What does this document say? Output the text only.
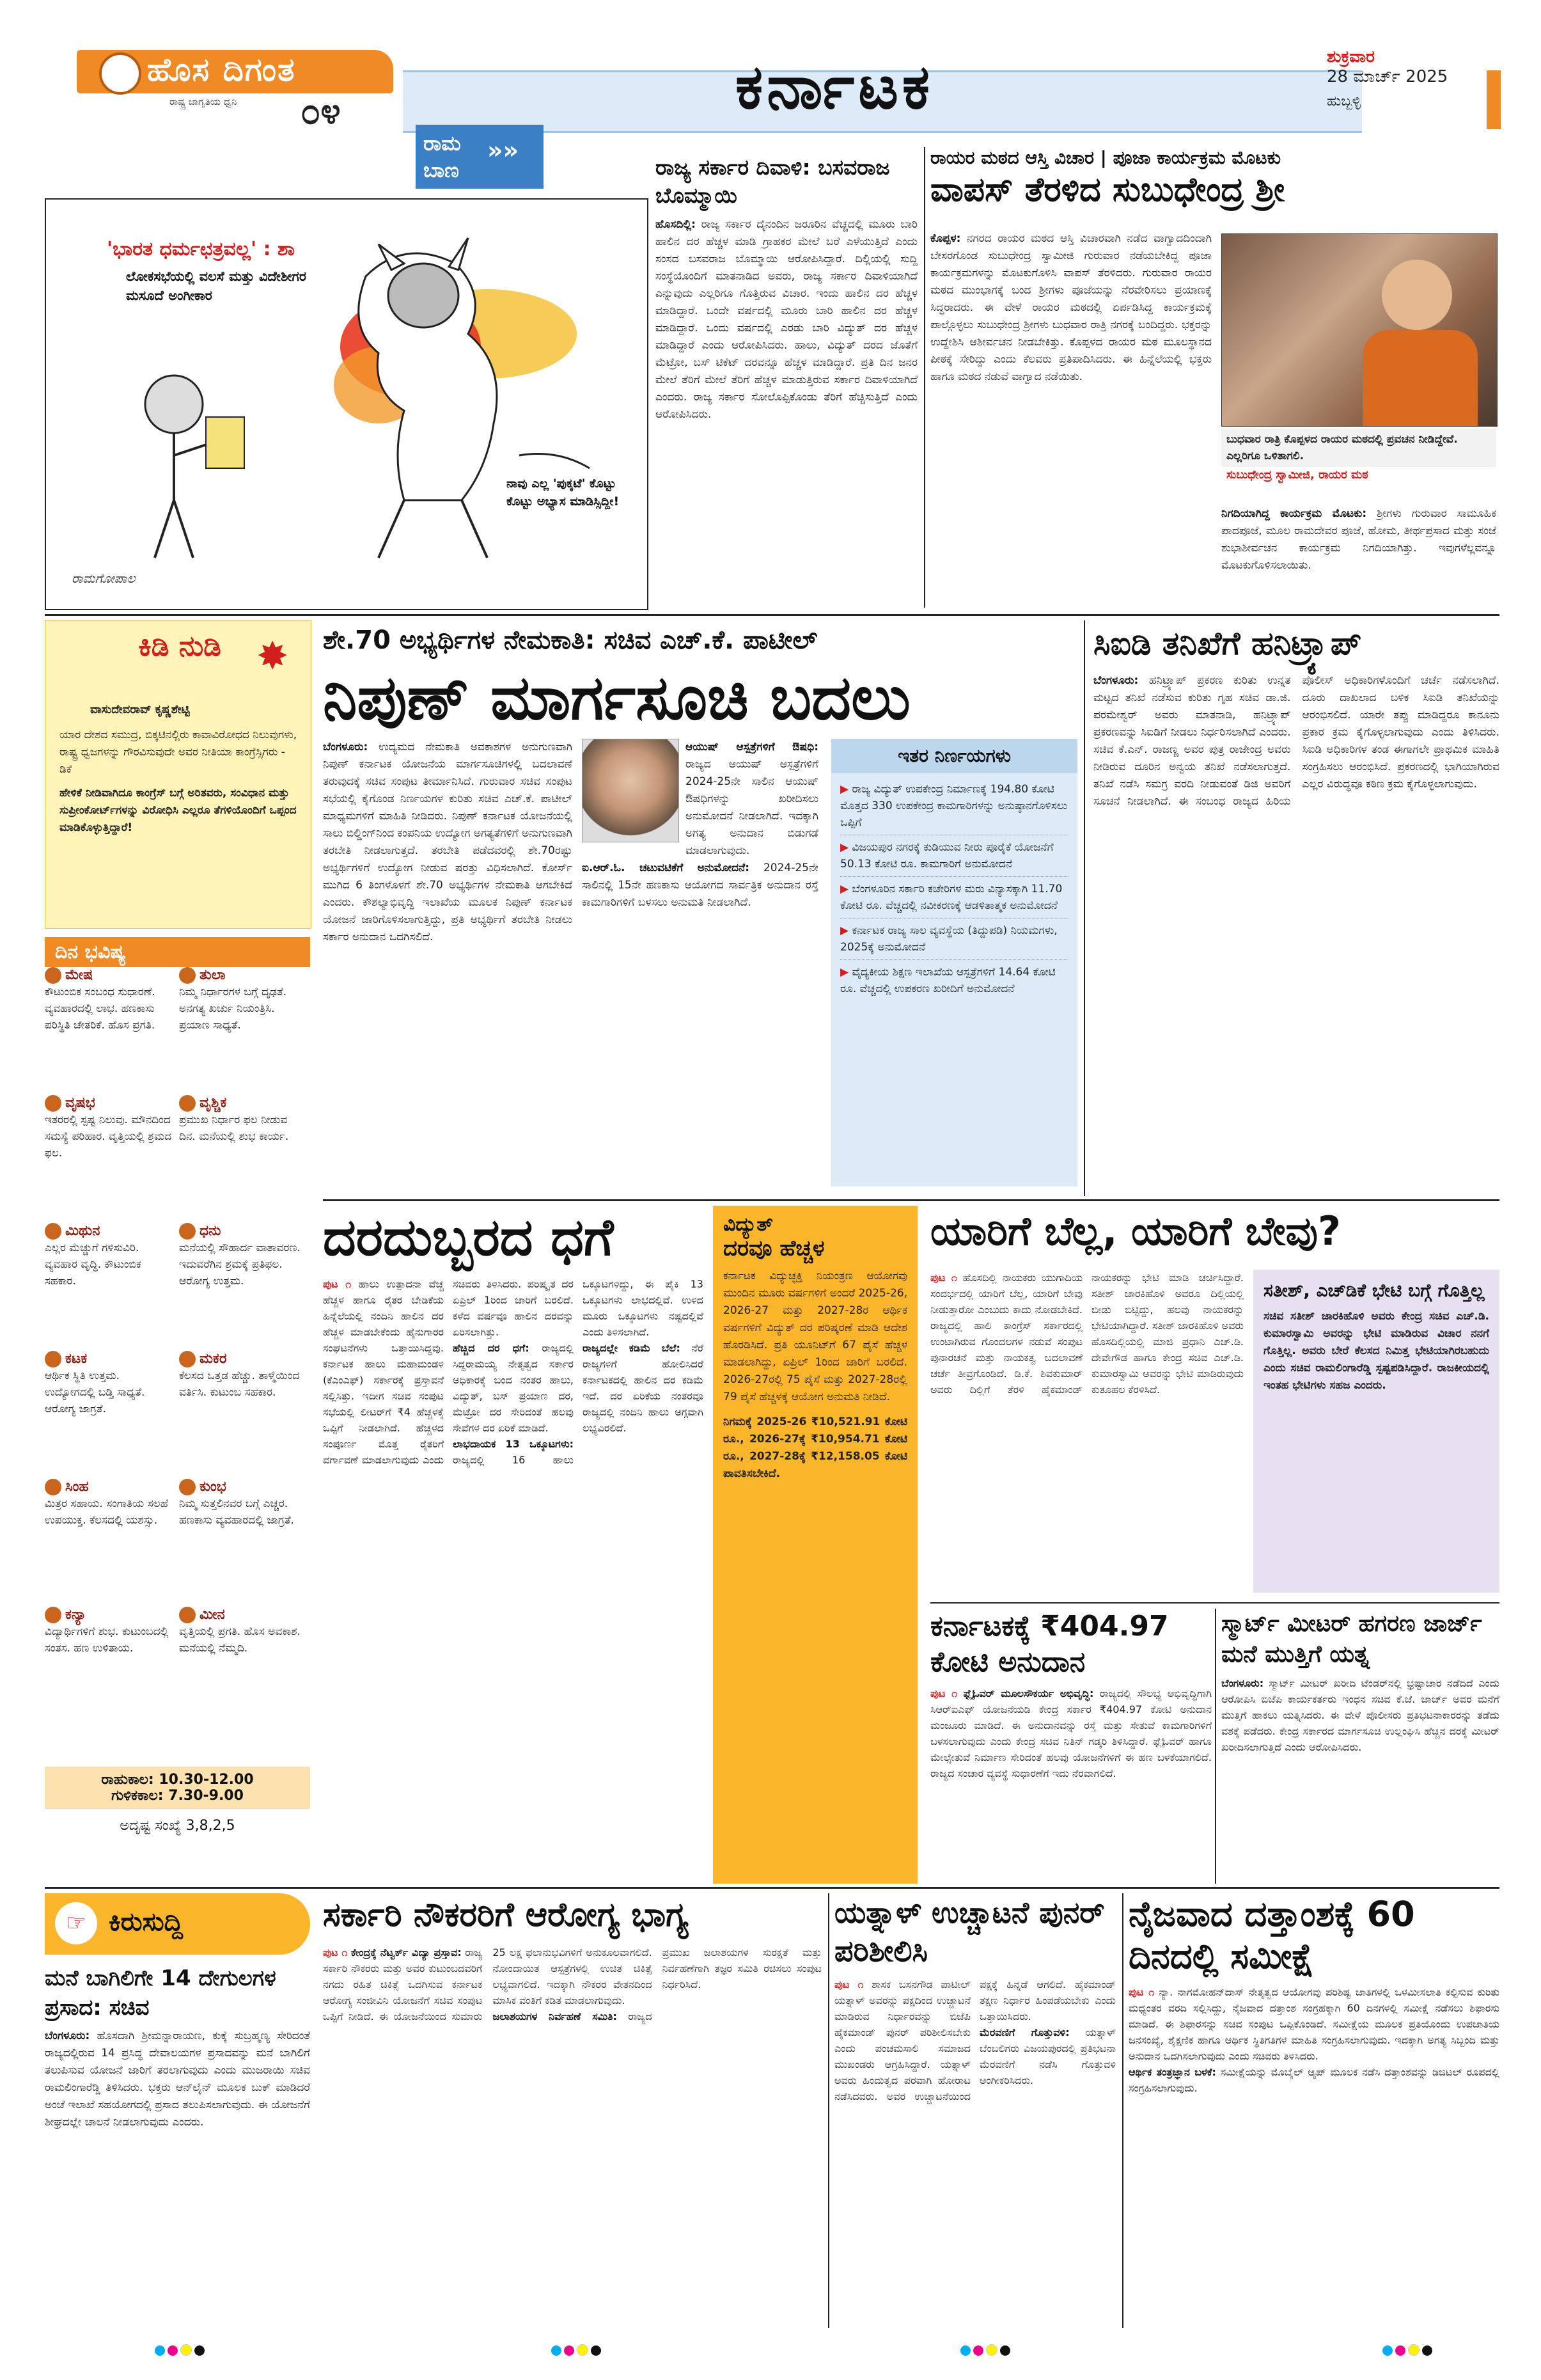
ಹೊಸ ದಿಗಂತ
ರಾಷ್ಟ್ರ ಜಾಗೃತಿಯ ಧ್ವನಿ ೦೪	ಕರ್ನಾಟಕ	ಶುಕ್ರವಾರ
28 ಮಾರ್ಚ್ 2025
ಹುಬ್ಬಳ್ಳಿ
ರಾಮ ಬಾಣ
»»
'ಭಾರತ ಧರ್ಮಛತ್ರವಲ್ಲ' : ಶಾ
ಲೋಕಸಭೆಯಲ್ಲಿ ವಲಸೆ ಮತ್ತು ವಿದೇಶೀಗರ ಮಸೂದೆ ಅಂಗೀಕಾರ
ನಾವು ಎಲ್ಲ 'ಪುಕ್ಕಟೆ' ಕೊಟ್ಟು ಕೊಟ್ಟು ಅಭ್ಯಾಸ ಮಾಡಿಸ್ಸಿದ್ದೀ!
ರಾಮಗೋಪಾಲ
ರಾಜ್ಯ ಸರ್ಕಾರ ದಿವಾಳಿ: ಬಸವರಾಜ ಬೊಮ್ಮಾಯಿ
ಹೊಸದಿಲ್ಲಿ: ರಾಜ್ಯ ಸರ್ಕಾರ ದೈನಂದಿನ ಜರೂರಿನ ವೆಚ್ಚದಲ್ಲಿ ಮೂರು ಬಾರಿ ಹಾಲಿನ ದರ ಹೆಚ್ಚಳ ಮಾಡಿ ಗ್ರಾಹಕರ ಮೇಲೆ ಬರೆ ಎಳೆಯುತ್ತಿದೆ ಎಂದು ಸಂಸದ ಬಸವರಾಜ ಬೊಮ್ಮಾಯಿ ಆರೋಪಿಸಿದ್ದಾರೆ. ದಿಲ್ಲಿಯಲ್ಲಿ ಸುದ್ದಿ ಸಂಸ್ಥೆಯೊಂದಿಗೆ ಮಾತನಾಡಿದ ಅವರು, ರಾಜ್ಯ ಸರ್ಕಾರ ದಿವಾಳಿಯಾಗಿದೆ ಎನ್ನುವುದು ಎಲ್ಲರಿಗೂ ಗೊತ್ತಿರುವ ವಿಚಾರ. ಇಂದು ಹಾಲಿನ ದರ ಹೆಚ್ಚಳ ಮಾಡಿದ್ದಾರೆ. ಒಂದೇ ವರ್ಷದಲ್ಲಿ ಮೂರು ಬಾರಿ ಹಾಲಿನ ದರ ಹೆಚ್ಚಳ ಮಾಡಿದ್ದಾರೆ. ಒಂದು ವರ್ಷದಲ್ಲಿ ಎರಡು ಬಾರಿ ವಿದ್ಯುತ್ ದರ ಹೆಚ್ಚಳ ಮಾಡಿದ್ದಾರೆ ಎಂದು ಆರೋಪಿಸಿದರು. ಹಾಲು, ವಿದ್ಯುತ್ ದರದ ಜೊತೆಗೆ ಮೆಟ್ರೋ, ಬಸ್ ಟಿಕೆಟ್ ದರವನ್ನೂ ಹೆಚ್ಚಳ ಮಾಡಿದ್ದಾರೆ. ಪ್ರತಿ ದಿನ ಜನರ ಮೇಲೆ ತೆರಿಗೆ ಮೇಲೆ ತೆರಿಗೆ ಹೆಚ್ಚಳ ಮಾಡುತ್ತಿರುವ ಸರ್ಕಾರ ದಿವಾಳಿಯಾಗಿದೆ ಎಂದರು. ರಾಜ್ಯ ಸರ್ಕಾರ ಸೋಲೊಪ್ಪಿಕೊಂಡು ತೆರಿಗೆ ಹೆಚ್ಚಿಸುತ್ತಿದೆ ಎಂದು ಆರೋಪಿಸಿದರು.
ರಾಯರ ಮಠದ ಆಸ್ತಿ ವಿಚಾರ | ಪೂಜಾ ಕಾರ್ಯಕ್ರಮ ಮೊಟಕು
ವಾಪಸ್ ತೆರಳಿದ ಸುಬುಧೇಂದ್ರ ಶ್ರೀ
ಕೊಪ್ಪಳ: ನಗರದ ರಾಯರ ಮಠದ ಆಸ್ತಿ ವಿಚಾರವಾಗಿ ನಡೆದ ವಾಗ್ವಾದದಿಂದಾಗಿ ಬೇಸರಗೊಂಡ ಸುಬುಧೇಂದ್ರ ಸ್ವಾಮೀಜಿ ಗುರುವಾರ ನಡೆಯಬೇಕಿದ್ದ ಪೂಜಾ ಕಾರ್ಯಕ್ರಮಗಳನ್ನು ಮೊಟಕುಗೊಳಿಸಿ ವಾಪಸ್ ತೆರಳಿದರು. ಗುರುವಾರ ರಾಯರ ಮಠದ ಮುಂಭಾಗಕ್ಕೆ ಬಂದ ಶ್ರೀಗಳು ಪೂಜೆಯನ್ನು ನೆರವೇರಿಸಲು ಪ್ರಯಾಣಕ್ಕೆ ಸಿದ್ಧರಾದರು. ಈ ವೇಳೆ ರಾಯರ ಮಠದಲ್ಲಿ ಏರ್ಪಡಿಸಿದ್ದ ಕಾರ್ಯಕ್ರಮಕ್ಕೆ ಪಾಲ್ಗೊಳ್ಳಲು ಸುಬುಧೇಂದ್ರ ಶ್ರೀಗಳು ಬುಧವಾರ ರಾತ್ರಿ ನಗರಕ್ಕೆ ಬಂದಿದ್ದರು. ಭಕ್ತರನ್ನು ಉದ್ದೇಶಿಸಿ ಆಶೀರ್ವಚನ ನೀಡಬೇಕಿತ್ತು. ಕೊಪ್ಪಳದ ರಾಯರ ಮಠ ಮೂಲಸ್ಥಾನದ ಪೀಠಕ್ಕೆ ಸೇರಿದ್ದು ಎಂದು ಕೆಲವರು ಪ್ರತಿಪಾದಿಸಿದರು. ಈ ಹಿನ್ನೆಲೆಯಲ್ಲಿ ಭಕ್ತರು ಹಾಗೂ ಮಠದ ನಡುವೆ ವಾಗ್ವಾದ ನಡೆಯಿತು.
ಬುಧವಾರ ರಾತ್ರಿ ಕೊಪ್ಪಳದ ರಾಯರ ಮಠದಲ್ಲಿ ಪ್ರವಚನ ನೀಡಿದ್ದೇವೆ. ಎಲ್ಲರಿಗೂ ಒಳಿತಾಗಲಿ.
ಸುಬುಧೇಂದ್ರ ಸ್ವಾಮೀಜಿ, ರಾಯರ ಮಠ
ನಿಗದಿಯಾಗಿದ್ದ ಕಾರ್ಯಕ್ರಮ ಮೊಟಕು: ಶ್ರೀಗಳು ಗುರುವಾರ ಸಾಮೂಹಿಕ ಪಾದಪೂಜೆ, ಮೂಲ ರಾಮದೇವರ ಪೂಜೆ, ಹೋಮ, ತೀರ್ಥಪ್ರಸಾದ ಮತ್ತು ಸಂಜೆ ಶುಭಾಶೀರ್ವಚನ ಕಾರ್ಯಕ್ರಮ ನಿಗದಿಯಾಗಿತ್ತು. ಇವುಗಳೆಲ್ಲವನ್ನೂ ಮೊಟಕುಗೊಳಿಸಲಾಯಿತು.
ಕಿಡಿ ನುಡಿ ✸
ವಾಸುದೇವರಾವ್ ಕೃಷ್ಣಶೇಟ್ಟಿ
ಯಾರ ದೇಶದ ಸಮುದ್ರ, ಬಿಕ್ಕಟಿನಲ್ಲಿರು ಕಾವಾವಿರೋಧದ ನಿಲುವುಗಳು, ರಾಷ್ಟ್ರ ಧ್ವಜಗಳನ್ನು ಗೌರವಿಸುವುದೇ ಅವರ ನೀತಿಯಾ ಕಾಂಗ್ರೆಸ್ಸಿಗರು - ಡಿಕೆ
ಹೇಳಿಕೆ ನೀಡಿವಾಗಿದೂ ಕಾಂಗ್ರೆಸ್ ಬಗ್ಗೆ ಅರಿತವರು, ಸಂವಿಧಾನ ಮತ್ತು ಸುಪ್ರೀಂಕೋರ್ಟ್‌ಗಳನ್ನು ವಿರೋಧಿಸಿ ಎಲ್ಲರೂ ತೆಗಳಿಯೊಂದಿಗೆ ಒಪ್ಪಂದ ಮಾಡಿಕೊಳ್ಳುತ್ತಿದ್ದಾರೆ!
ದಿನ ಭವಿಷ್ಯ
ಮೇಷ
ಕೌಟುಂಬಿಕ ಸಂಬಂಧ ಸುಧಾರಣೆ. ವ್ಯವಹಾರದಲ್ಲಿ ಲಾಭ. ಹಣಕಾಸು ಪರಿಸ್ಥಿತಿ ಚೇತರಿಕೆ. ಹೊಸ ಪ್ರಗತಿ.
ವೃಷಭ
ಇತರರಲ್ಲಿ ಸ್ಪಷ್ಟ ನಿಲುವು. ಮೌನದಿಂದ ಸಮಸ್ಯೆ ಪರಿಹಾರ. ವೃತ್ತಿಯಲ್ಲಿ ಶ್ರಮದ ಫಲ.
ಮಿಥುನ
ಎಲ್ಲರ ಮೆಚ್ಚುಗೆ ಗಳಿಸುವಿರಿ. ವ್ಯವಹಾರ ವೃದ್ಧಿ. ಕೌಟುಂಬಿಕ ಸಹಕಾರ.
ಕಟಕ
ಆರ್ಥಿಕ ಸ್ಥಿತಿ ಉತ್ತಮ. ಉದ್ಯೋಗದಲ್ಲಿ ಬಡ್ತಿ ಸಾಧ್ಯತೆ. ಆರೋಗ್ಯ ಜಾಗ್ರತೆ.
ಸಿಂಹ
ಮಿತ್ರರ ಸಹಾಯ. ಸಂಗಾತಿಯ ಸಲಹೆ ಉಪಯುಕ್ತ. ಕೆಲಸದಲ್ಲಿ ಯಶಸ್ಸು.
ಕನ್ಯಾ
ವಿದ್ಯಾರ್ಥಿಗಳಿಗೆ ಶುಭ. ಕುಟುಂಬದಲ್ಲಿ ಸಂತಸ. ಹಣ ಉಳಿತಾಯ.
ತುಲಾ
ನಿಮ್ಮ ನಿರ್ಧಾರಗಳ ಬಗ್ಗೆ ದೃಢತೆ. ಅನಗತ್ಯ ಖರ್ಚು ನಿಯಂತ್ರಿಸಿ. ಪ್ರಯಾಣ ಸಾಧ್ಯತೆ.
ವೃಶ್ಚಿಕ
ಪ್ರಮುಖ ನಿರ್ಧಾರ ಫಲ ನೀಡುವ ದಿನ. ಮನೆಯಲ್ಲಿ ಶುಭ ಕಾರ್ಯ.
ಧನು
ಮನೆಯಲ್ಲಿ ಸೌಹಾರ್ದ ವಾತಾವರಣ. ಇದುವರೆಗಿನ ಶ್ರಮಕ್ಕೆ ಪ್ರತಿಫಲ. ಆರೋಗ್ಯ ಉತ್ತಮ.
ಮಕರ
ಕೆಲಸದ ಒತ್ತಡ ಹೆಚ್ಚು. ತಾಳ್ಮೆಯಿಂದ ವರ್ತಿಸಿ. ಕುಟುಂಬ ಸಹಕಾರ.
ಕುಂಭ
ನಿಮ್ಮ ಸುತ್ತಲಿನವರ ಬಗ್ಗೆ ಎಚ್ಚರ. ಹಣಕಾಸು ವ್ಯವಹಾರದಲ್ಲಿ ಜಾಗ್ರತೆ.
ಮೀನ
ವೃತ್ತಿಯಲ್ಲಿ ಪ್ರಗತಿ. ಹೊಸ ಅವಕಾಶ. ಮನೆಯಲ್ಲಿ ನೆಮ್ಮದಿ.
ರಾಹುಕಾಲ: 10.30-12.00
ಗುಳಿಕಕಾಲ: 7.30-9.00
ಅದೃಷ್ಟ ಸಂಖ್ಯೆ 3,8,2,5
ಶೇ.70 ಅಭ್ಯರ್ಥಿಗಳ ನೇಮಕಾತಿ: ಸಚಿವ ಎಚ್.ಕೆ. ಪಾಟೀಲ್
ನಿಪುಣ್ ಮಾರ್ಗಸೂಚಿ ಬದಲು
ಬೆಂಗಳೂರು: ಉದ್ಯಮದ ನೇಮಕಾತಿ ಅವಕಾಶಗಳ ಅನುಗುಣವಾಗಿ ನಿಪುಣ್ ಕರ್ನಾಟಕ ಯೋಜನೆಯ ಮಾರ್ಗಸೂಚಿಗಳಲ್ಲಿ ಬದಲಾವಣೆ ತರುವುದಕ್ಕೆ ಸಚಿವ ಸಂಪುಟ ತೀರ್ಮಾನಿಸಿದೆ. ಗುರುವಾರ ಸಚಿವ ಸಂಪುಟ ಸಭೆಯಲ್ಲಿ ಕೈಗೊಂಡ ನಿರ್ಣಯಗಳ ಕುರಿತು ಸಚಿವ ಎಚ್.ಕೆ. ಪಾಟೀಲ್ ಮಾಧ್ಯಮಗಳಿಗೆ ಮಾಹಿತಿ ನೀಡಿದರು. ನಿಪುಣ್ ಕರ್ನಾಟಕ ಯೋಜನೆಯಲ್ಲಿ ಸಾಲು ಬಿಲ್ಡಿಂಗ್‌ನಿಂದ ಕಂಪನಿಯ ಉದ್ಯೋಗ ಅಗತ್ಯತೆಗಳಿಗೆ ಅನುಗುಣವಾಗಿ ತರಬೇತಿ ನೀಡಲಾಗುತ್ತದೆ. ತರಬೇತಿ ಪಡೆದವರಲ್ಲಿ ಶೇ.70ರಷ್ಟು ಅಭ್ಯರ್ಥಿಗಳಿಗೆ ಉದ್ಯೋಗ ನೀಡುವ ಷರತ್ತು ವಿಧಿಸಲಾಗಿದೆ. ಕೋರ್ಸ್ ಮುಗಿದ 6 ತಿಂಗಳೊಳಗೆ ಶೇ.70 ಅಭ್ಯರ್ಥಿಗಳ ನೇಮಕಾತಿ ಆಗಬೇಕಿದೆ ಎಂದರು. ಕೌಶಲ್ಯಾಭಿವೃದ್ಧಿ ಇಲಾಖೆಯ ಮೂಲಕ ನಿಪುಣ್ ಕರ್ನಾಟಕ ಯೋಜನೆ ಜಾರಿಗೊಳಿಸಲಾಗುತ್ತಿದ್ದು, ಪ್ರತಿ ಅಭ್ಯರ್ಥಿಗೆ ತರಬೇತಿ ನೀಡಲು ಸರ್ಕಾರ ಅನುದಾನ ಒದಗಿಸಲಿದೆ.
ಆಯುಷ್ ಆಸ್ಪತ್ರೆಗಳಿಗೆ ಔಷಧಿ: ರಾಜ್ಯದ ಆಯುಷ್ ಆಸ್ಪತ್ರೆಗಳಿಗೆ 2024-25ನೇ ಸಾಲಿನ ಆಯುಷ್ ಔಷಧಿಗಳನ್ನು ಖರೀದಿಸಲು ಅನುಮೋದನೆ ನೀಡಲಾಗಿದೆ. ಇದಕ್ಕಾಗಿ ಅಗತ್ಯ ಅನುದಾನ ಬಿಡುಗಡೆ ಮಾಡಲಾಗುವುದು.
ಐ.ಆರ್.ಓ. ಚಟುವಟಿಕೆಗೆ ಅನುಮೋದನೆ: 2024-25ನೇ ಸಾಲಿನಲ್ಲಿ 15ನೇ ಹಣಕಾಸು ಆಯೋಗದ ಸಾರ್ವತ್ರಿಕ ಅನುದಾನ ರಸ್ತೆ ಕಾಮಗಾರಿಗಳಿಗೆ ಬಳಸಲು ಅನುಮತಿ ನೀಡಲಾಗಿದೆ.
ಇತರ ನಿರ್ಣಯಗಳು
▶ ರಾಜ್ಯ ವಿದ್ಯುತ್ ಉಪಕೇಂದ್ರ ನಿರ್ಮಾಣಕ್ಕೆ 194.80 ಕೋಟಿ ಮೊತ್ತದ 330 ಉಪಕೇಂದ್ರ ಕಾಮಗಾರಿಗಳನ್ನು ಅನುಷ್ಠಾನಗೊಳಿಸಲು ಒಪ್ಪಿಗೆ
▶ ವಿಜಯಪುರ ನಗರಕ್ಕೆ ಕುಡಿಯುವ ನೀರು ಪೂರೈಕೆ ಯೋಜನೆಗೆ 50.13 ಕೋಟಿ ರೂ. ಕಾಮಗಾರಿಗೆ ಅನುಮೋದನೆ
▶ ಬೆಂಗಳೂರಿನ ಸರ್ಕಾರಿ ಕಚೇರಿಗಳ ಮರು ವಿನ್ಯಾಸಕ್ಕಾಗಿ 11.70 ಕೋಟಿ ರೂ. ವೆಚ್ಚದಲ್ಲಿ ನವೀಕರಣಕ್ಕೆ ಆಡಳಿತಾತ್ಮಕ ಅನುಮೋದನೆ
▶ ಕರ್ನಾಟಕ ರಾಜ್ಯ ಸಾಲ ವ್ಯವಸ್ಥೆಯ (ತಿದ್ದುಪಡಿ) ನಿಯಮಗಳು, 2025ಕ್ಕೆ ಅನುಮೋದನೆ
▶ ವೈದ್ಯಕೀಯ ಶಿಕ್ಷಣ ಇಲಾಖೆಯ ಆಸ್ಪತ್ರೆಗಳಿಗೆ 14.64 ಕೋಟಿ ರೂ. ವೆಚ್ಚದಲ್ಲಿ ಉಪಕರಣ ಖರೀದಿಗೆ ಅನುಮೋದನೆ
ಸಿಐಡಿ ತನಿಖೆಗೆ ಹನಿಟ್ರ್ಯಾಪ್
ಬೆಂಗಳೂರು: ಹನಿಟ್ರ್ಯಾಪ್ ಪ್ರಕರಣ ಕುರಿತು ಉನ್ನತ ಮಟ್ಟದ ತನಿಖೆ ನಡೆಸುವ ಕುರಿತು ಗೃಹ ಸಚಿವ ಡಾ.ಜಿ. ಪರಮೇಶ್ವರ್ ಅವರು ಮಾತನಾಡಿ, ಹನಿಟ್ರ್ಯಾಪ್ ಪ್ರಕರಣವನ್ನು ಸಿಐಡಿಗೆ ನೀಡಲು ನಿರ್ಧರಿಸಲಾಗಿದೆ ಎಂದರು. ಸಚಿವ ಕೆ.ಎನ್. ರಾಜಣ್ಣ ಅವರ ಪುತ್ರ ರಾಜೇಂದ್ರ ಅವರು ನೀಡಿರುವ ದೂರಿನ ಅನ್ವಯ ತನಿಖೆ ನಡೆಸಲಾಗುತ್ತದೆ. ತನಿಖೆ ನಡೆಸಿ ಸಮಗ್ರ ವರದಿ ನೀಡುವಂತೆ ಡಿಜಿ ಅವರಿಗೆ ಸೂಚನೆ ನೀಡಲಾಗಿದೆ. ಈ ಸಂಬಂಧ ರಾಜ್ಯದ ಹಿರಿಯ ಪೊಲೀಸ್ ಅಧಿಕಾರಿಗಳೊಂದಿಗೆ ಚರ್ಚೆ ನಡೆಸಲಾಗಿದೆ. ದೂರು ದಾಖಲಾದ ಬಳಿಕ ಸಿಐಡಿ ತನಿಖೆಯನ್ನು ಆರಂಭಿಸಲಿದೆ. ಯಾರೇ ತಪ್ಪು ಮಾಡಿದ್ದರೂ ಕಾನೂನು ಪ್ರಕಾರ ಕ್ರಮ ಕೈಗೊಳ್ಳಲಾಗುವುದು ಎಂದು ತಿಳಿಸಿದರು. ಸಿಐಡಿ ಅಧಿಕಾರಿಗಳ ತಂಡ ಈಗಾಗಲೇ ಪ್ರಾಥಮಿಕ ಮಾಹಿತಿ ಸಂಗ್ರಹಿಸಲು ಆರಂಭಿಸಿದೆ. ಪ್ರಕರಣದಲ್ಲಿ ಭಾಗಿಯಾಗಿರುವ ಎಲ್ಲರ ವಿರುದ್ಧವೂ ಕಠಿಣ ಕ್ರಮ ಕೈಗೊಳ್ಳಲಾಗುವುದು.
ದರದುಬ್ಬರದ ಧಗೆ
ಪುಟ ೧ ಹಾಲು ಉತ್ಪಾದನಾ ವೆಚ್ಚ ಹೆಚ್ಚಳ ಹಾಗೂ ರೈತರ ಬೇಡಿಕೆಯ ಹಿನ್ನೆಲೆಯಲ್ಲಿ ನಂದಿನಿ ಹಾಲಿನ ದರ ಹೆಚ್ಚಳ ಮಾಡಬೇಕೆಂದು ಹೈನುಗಾರರ ಸಂಘಟನೆಗಳು ಒತ್ತಾಯಿಸಿದ್ದವು. ಕರ್ನಾಟಕ ಹಾಲು ಮಹಾಮಂಡಳಿ (ಕೆಎಂಎಫ್) ಸರ್ಕಾರಕ್ಕೆ ಪ್ರಸ್ತಾವನೆ ಸಲ್ಲಿಸಿತ್ತು. ಇದೀಗ ಸಚಿವ ಸಂಪುಟ ಸಭೆಯಲ್ಲಿ ಲೀಟರ್‌ಗೆ ₹4 ಹೆಚ್ಚಳಕ್ಕೆ ಒಪ್ಪಿಗೆ ನೀಡಲಾಗಿದೆ. ಹೆಚ್ಚಳದ ಸಂಪೂರ್ಣ ಮೊತ್ತ ರೈತರಿಗೆ ವರ್ಗಾವಣೆ ಮಾಡಲಾಗುವುದು ಎಂದು ಸಚಿವರು ತಿಳಿಸಿದರು. ಪರಿಷ್ಕೃತ ದರ ಏಪ್ರಿಲ್ 1ರಿಂದ ಜಾರಿಗೆ ಬರಲಿದೆ. ಕಳೆದ ವರ್ಷವೂ ಹಾಲಿನ ದರವನ್ನು ಏರಿಸಲಾಗಿತ್ತು.
ಹೆಚ್ಚಿದ ದರ ಧಗೆ: ರಾಜ್ಯದಲ್ಲಿ ಸಿದ್ದರಾಮಯ್ಯ ನೇತೃತ್ವದ ಸರ್ಕಾರ ಅಧಿಕಾರಕ್ಕೆ ಬಂದ ನಂತರ ಹಾಲು, ವಿದ್ಯುತ್, ಬಸ್ ಪ್ರಯಾಣ ದರ, ಮೆಟ್ರೋ ದರ ಸೇರಿದಂತೆ ಹಲವು ಸೇವೆಗಳ ದರ ಏರಿಕೆ ಮಾಡಿದೆ.
ಲಾಭದಾಯಕ 13 ಒಕ್ಕೂಟಗಳು: ರಾಜ್ಯದಲ್ಲಿ 16 ಹಾಲು ಒಕ್ಕೂಟಗಳಿದ್ದು, ಈ ಪೈಕಿ 13 ಒಕ್ಕೂಟಗಳು ಲಾಭದಲ್ಲಿವೆ. ಉಳಿದ ಮೂರು ಒಕ್ಕೂಟಗಳು ನಷ್ಟದಲ್ಲಿವೆ ಎಂದು ತಿಳಿಸಲಾಗಿದೆ.
ರಾಜ್ಯದಲ್ಲೇ ಕಡಿಮೆ ಬೆಲೆ: ನೆರೆ ರಾಜ್ಯಗಳಿಗೆ ಹೋಲಿಸಿದರೆ ಕರ್ನಾಟಕದಲ್ಲಿ ಹಾಲಿನ ದರ ಕಡಿಮೆ ಇದೆ. ದರ ಏರಿಕೆಯ ನಂತರವೂ ರಾಜ್ಯದಲ್ಲಿ ನಂದಿನಿ ಹಾಲು ಅಗ್ಗವಾಗಿ ಲಭ್ಯವಿರಲಿದೆ.
ವಿದ್ಯುತ್
ದರವೂ ಹೆಚ್ಚಳ
ಕರ್ನಾಟಕ ವಿದ್ಯುಚ್ಛಕ್ತಿ ನಿಯಂತ್ರಣ ಆಯೋಗವು ಮುಂದಿನ ಮೂರು ವರ್ಷಗಳಿಗೆ ಅಂದರೆ 2025-26, 2026-27 ಮತ್ತು 2027-28ರ ಆರ್ಥಿಕ ವರ್ಷಗಳಿಗೆ ವಿದ್ಯುತ್ ದರ ಪರಿಷ್ಕರಣೆ ಮಾಡಿ ಆದೇಶ ಹೊರಡಿಸಿದೆ. ಪ್ರತಿ ಯೂನಿಟ್‌ಗೆ 67 ಪೈಸೆ ಹೆಚ್ಚಳ ಮಾಡಲಾಗಿದ್ದು, ಏಪ್ರಿಲ್ 1ರಿಂದ ಜಾರಿಗೆ ಬರಲಿದೆ. 2026-27ರಲ್ಲಿ 75 ಪೈಸೆ ಮತ್ತು 2027-28ರಲ್ಲಿ 79 ಪೈಸೆ ಹೆಚ್ಚಳಕ್ಕೆ ಆಯೋಗ ಅನುಮತಿ ನೀಡಿದೆ.
ನಿಗಮಕ್ಕೆ 2025-26 ₹10,521.91 ಕೋಟಿ ರೂ., 2026-27ಕ್ಕೆ ₹10,954.71 ಕೋಟಿ ರೂ., 2027-28ಕ್ಕೆ ₹12,158.05 ಕೋಟಿ ಪಾವತಿಸಬೇಕಿದೆ.
ಯಾರಿಗೆ ಬೆಲ್ಲ, ಯಾರಿಗೆ ಬೇವು?
ಪುಟ ೧ ಹೊಸದಿಲ್ಲಿ ನಾಯಕರು ಯುಗಾದಿಯ ಸಂದರ್ಭದಲ್ಲಿ ಯಾರಿಗೆ ಬೆಲ್ಲ, ಯಾರಿಗೆ ಬೇವು ನೀಡುತ್ತಾರೋ ಎಂಬುದು ಕಾದು ನೋಡಬೇಕಿದೆ. ರಾಜ್ಯದಲ್ಲಿ ಹಾಲಿ ಕಾಂಗ್ರೆಸ್ ಸರ್ಕಾರದಲ್ಲಿ ಉಂಟಾಗಿರುವ ಗೊಂದಲಗಳ ನಡುವೆ ಸಂಪುಟ ಪುನಾರಚನೆ ಮತ್ತು ನಾಯಕತ್ವ ಬದಲಾವಣೆ ಚರ್ಚೆ ತೀವ್ರಗೊಂಡಿದೆ. ಡಿ.ಕೆ. ಶಿವಕುಮಾರ್ ಅವರು ದಿಲ್ಲಿಗೆ ತೆರಳಿ ಹೈಕಮಾಂಡ್ ನಾಯಕರನ್ನು ಭೇಟಿ ಮಾಡಿ ಚರ್ಚಿಸಿದ್ದಾರೆ. ಸತೀಶ್ ಜಾರಕಿಹೊಳಿ ಅವರೂ ದಿಲ್ಲಿಯಲ್ಲಿ ಬೀಡು ಬಿಟ್ಟಿದ್ದು, ಹಲವು ನಾಯಕರನ್ನು ಭೇಟಿಯಾಗಿದ್ದಾರೆ. ಸತೀಶ್ ಜಾರಕಿಹೊಳಿ ಅವರು ಹೊಸದಿಲ್ಲಿಯಲ್ಲಿ ಮಾಜಿ ಪ್ರಧಾನಿ ಎಚ್.ಡಿ. ದೇವೇಗೌಡ ಹಾಗೂ ಕೇಂದ್ರ ಸಚಿವ ಎಚ್.ಡಿ. ಕುಮಾರಸ್ವಾಮಿ ಅವರನ್ನು ಭೇಟಿ ಮಾಡಿರುವುದು ಕುತೂಹಲ ಕೆರಳಿಸಿದೆ.
ಸತೀಶ್, ಎಚ್‌ಡಿಕೆ ಭೇಟಿ ಬಗ್ಗೆ ಗೊತ್ತಿಲ್ಲ
ಸಚಿವ ಸತೀಶ್ ಜಾರಕಿಹೊಳಿ ಅವರು ಕೇಂದ್ರ ಸಚಿವ ಎಚ್.ಡಿ. ಕುಮಾರಸ್ವಾಮಿ ಅವರನ್ನು ಭೇಟಿ ಮಾಡಿರುವ ವಿಚಾರ ನನಗೆ ಗೊತ್ತಿಲ್ಲ. ಅವರು ಬೇರೆ ಕೆಲಸದ ನಿಮಿತ್ತ ಭೇಟಿಯಾಗಿರಬಹುದು ಎಂದು ಸಚಿವ ರಾಮಲಿಂಗಾರೆಡ್ಡಿ ಸ್ಪಷ್ಟಪಡಿಸಿದ್ದಾರೆ. ರಾಜಕೀಯದಲ್ಲಿ ಇಂತಹ ಭೇಟಿಗಳು ಸಹಜ ಎಂದರು.
ಕರ್ನಾಟಕಕ್ಕೆ ₹404.97 ಕೋಟಿ ಅನುದಾನ
ಪುಟ ೧ ಫ್ಲೈಓವರ್ ಮೂಲಸೌಕರ್ಯ ಅಭಿವೃದ್ಧಿ: ರಾಜ್ಯದಲ್ಲಿ ಸೌಲಭ್ಯ ಅಭಿವೃದ್ಧಿಗಾಗಿ ಸಿಆರ್‌ಐಎಫ್ ಯೋಜನೆಯಡಿ ಕೇಂದ್ರ ಸರ್ಕಾರ ₹404.97 ಕೋಟಿ ಅನುದಾನ ಮಂಜೂರು ಮಾಡಿದೆ. ಈ ಅನುದಾನವನ್ನು ರಸ್ತೆ ಮತ್ತು ಸೇತುವೆ ಕಾಮಗಾರಿಗಳಿಗೆ ಬಳಸಲಾಗುವುದು ಎಂದು ಕೇಂದ್ರ ಸಚಿವ ನಿತಿನ್ ಗಡ್ಕರಿ ತಿಳಿಸಿದ್ದಾರೆ. ಫ್ಲೈಓವರ್ ಹಾಗೂ ಮೇಲ್ಸೇತುವೆ ನಿರ್ಮಾಣ ಸೇರಿದಂತೆ ಹಲವು ಯೋಜನೆಗಳಿಗೆ ಈ ಹಣ ಬಳಕೆಯಾಗಲಿದೆ. ರಾಜ್ಯದ ಸಂಚಾರ ವ್ಯವಸ್ಥೆ ಸುಧಾರಣೆಗೆ ಇದು ನೆರವಾಗಲಿದೆ.
ಸ್ಮಾರ್ಟ್ ಮೀಟರ್ ಹಗರಣ ಜಾರ್ಜ್ ಮನೆ ಮುತ್ತಿಗೆ ಯತ್ನ
ಬೆಂಗಳೂರು: ಸ್ಮಾರ್ಟ್ ಮೀಟರ್ ಖರೀದಿ ಟೆಂಡರ್‌ನಲ್ಲಿ ಭ್ರಷ್ಟಾಚಾರ ನಡೆದಿದೆ ಎಂದು ಆರೋಪಿಸಿ ಬಿಜೆಪಿ ಕಾರ್ಯಕರ್ತರು ಇಂಧನ ಸಚಿವ ಕೆ.ಜೆ. ಜಾರ್ಜ್ ಅವರ ಮನೆಗೆ ಮುತ್ತಿಗೆ ಹಾಕಲು ಯತ್ನಿಸಿದರು. ಈ ವೇಳೆ ಪೊಲೀಸರು ಪ್ರತಿಭಟನಾಕಾರರನ್ನು ತಡೆದು ವಶಕ್ಕೆ ಪಡೆದರು. ಕೇಂದ್ರ ಸರ್ಕಾರದ ಮಾರ್ಗಸೂಚಿ ಉಲ್ಲಂಘಿಸಿ ಹೆಚ್ಚಿನ ದರಕ್ಕೆ ಮೀಟರ್ ಖರೀದಿಸಲಾಗುತ್ತಿದೆ ಎಂದು ಆರೋಪಿಸಿದರು.
☞ ಕಿರುಸುದ್ದಿ
ಮನೆ ಬಾಗಿಲಿಗೇ 14 ದೇಗುಲಗಳ ಪ್ರಸಾದ: ಸಚಿವ
ಬೆಂಗಳೂರು: ಹೊಸದಾಗಿ ಶ್ರೀಮನ್ನಾರಾಯಣ, ಕುಕ್ಕೆ ಸುಬ್ರಹ್ಮಣ್ಯ ಸೇರಿದಂತೆ ರಾಜ್ಯದಲ್ಲಿರುವ 14 ಪ್ರಸಿದ್ಧ ದೇವಾಲಯಗಳ ಪ್ರಸಾದವನ್ನು ಮನೆ ಬಾಗಿಲಿಗೆ ತಲುಪಿಸುವ ಯೋಜನೆ ಜಾರಿಗೆ ತರಲಾಗುವುದು ಎಂದು ಮುಜರಾಯಿ ಸಚಿವ ರಾಮಲಿಂಗಾರೆಡ್ಡಿ ತಿಳಿಸಿದರು. ಭಕ್ತರು ಆನ್‌ಲೈನ್ ಮೂಲಕ ಬುಕ್ ಮಾಡಿದರೆ ಅಂಚೆ ಇಲಾಖೆ ಸಹಯೋಗದಲ್ಲಿ ಪ್ರಸಾದ ತಲುಪಿಸಲಾಗುವುದು. ಈ ಯೋಜನೆಗೆ ಶೀಘ್ರದಲ್ಲೇ ಚಾಲನೆ ನೀಡಲಾಗುವುದು ಎಂದರು.
ಸರ್ಕಾರಿ ನೌಕರರಿಗೆ ಆರೋಗ್ಯ ಭಾಗ್ಯ
ಪುಟ ೧ ಕೇಂದ್ರಕ್ಕೆ ನೆಟ್ವರ್ಕ್ ವಿದ್ಯಾ ಪ್ರಸ್ತಾವ: ರಾಜ್ಯ ಸರ್ಕಾರಿ ನೌಕರರು ಮತ್ತು ಅವರ ಕುಟುಂಬದವರಿಗೆ ನಗದು ರಹಿತ ಚಿಕಿತ್ಸೆ ಒದಗಿಸುವ ಕರ್ನಾಟಕ ಆರೋಗ್ಯ ಸಂಜೀವಿನಿ ಯೋಜನೆಗೆ ಸಚಿವ ಸಂಪುಟ ಒಪ್ಪಿಗೆ ನೀಡಿದೆ. ಈ ಯೋಜನೆಯಿಂದ ಸುಮಾರು 25 ಲಕ್ಷ ಫಲಾನುಭವಿಗಳಿಗೆ ಅನುಕೂಲವಾಗಲಿದೆ. ನೋಂದಾಯಿತ ಆಸ್ಪತ್ರೆಗಳಲ್ಲಿ ಉಚಿತ ಚಿಕಿತ್ಸೆ ಲಭ್ಯವಾಗಲಿದೆ. ಇದಕ್ಕಾಗಿ ನೌಕರರ ವೇತನದಿಂದ ಮಾಸಿಕ ವಂತಿಗೆ ಕಡಿತ ಮಾಡಲಾಗುವುದು.
ಜಲಾಶಯಗಳ ನಿರ್ವಹಣೆ ಸಮಿತಿ: ರಾಜ್ಯದ ಪ್ರಮುಖ ಜಲಾಶಯಗಳ ಸುರಕ್ಷತೆ ಮತ್ತು ನಿರ್ವಹಣೆಗಾಗಿ ತಜ್ಞರ ಸಮಿತಿ ರಚಿಸಲು ಸಂಪುಟ ನಿರ್ಧರಿಸಿದೆ.
ಯತ್ನಾಳ್ ಉಚ್ಚಾಟನೆ ಪುನರ್ ಪರಿಶೀಲಿಸಿ
ಪುಟ ೧ ಶಾಸಕ ಬಸನಗೌಡ ಪಾಟೀಲ್ ಯತ್ನಾಳ್ ಅವರನ್ನು ಪಕ್ಷದಿಂದ ಉಚ್ಚಾಟನೆ ಮಾಡಿರುವ ನಿರ್ಧಾರವನ್ನು ಬಿಜೆಪಿ ಹೈಕಮಾಂಡ್ ಪುನರ್ ಪರಿಶೀಲಿಸಬೇಕು ಎಂದು ಪಂಚಮಸಾಲಿ ಸಮಾಜದ ಮುಖಂಡರು ಆಗ್ರಹಿಸಿದ್ದಾರೆ. ಯತ್ನಾಳ್ ಅವರು ಹಿಂದುತ್ವದ ಪರವಾಗಿ ಹೋರಾಟ ನಡೆಸಿದವರು. ಅವರ ಉಚ್ಚಾಟನೆಯಿಂದ ಪಕ್ಷಕ್ಕೆ ಹಿನ್ನಡೆ ಆಗಲಿದೆ. ಹೈಕಮಾಂಡ್ ತಕ್ಷಣ ನಿರ್ಧಾರ ಹಿಂಪಡೆಯಬೇಕು ಎಂದು ಒತ್ತಾಯಿಸಿದರು.
ಮೆರವಣಿಗೆ ಗೊತ್ತುವಳಿ: ಯತ್ನಾಳ್ ಬೆಂಬಲಿಗರು ವಿಜಯಪುರದಲ್ಲಿ ಪ್ರತಿಭಟನಾ ಮೆರವಣಿಗೆ ನಡೆಸಿ ಗೊತ್ತುವಳಿ ಅಂಗೀಕರಿಸಿದರು.
ನೈಜವಾದ ದತ್ತಾಂಶಕ್ಕೆ 60 ದಿನದಲ್ಲಿ ಸಮೀಕ್ಷೆ
ಪುಟ ೧ ನ್ಯಾ. ನಾಗಮೋಹನ್‌ದಾಸ್ ನೇತೃತ್ವದ ಆಯೋಗವು ಪರಿಶಿಷ್ಟ ಜಾತಿಗಳಲ್ಲಿ ಒಳಮೀಸಲಾತಿ ಕಲ್ಪಿಸುವ ಕುರಿತು ಮಧ್ಯಂತರ ವರದಿ ಸಲ್ಲಿಸಿದ್ದು, ನೈಜವಾದ ದತ್ತಾಂಶ ಸಂಗ್ರಹಕ್ಕಾಗಿ 60 ದಿನಗಳಲ್ಲಿ ಸಮೀಕ್ಷೆ ನಡೆಸಲು ಶಿಫಾರಸು ಮಾಡಿದೆ. ಈ ಶಿಫಾರಸನ್ನು ಸಚಿವ ಸಂಪುಟ ಒಪ್ಪಿಕೊಂಡಿದೆ. ಸಮೀಕ್ಷೆಯ ಮೂಲಕ ಪ್ರತಿಯೊಂದು ಉಪಜಾತಿಯ ಜನಸಂಖ್ಯೆ, ಶೈಕ್ಷಣಿಕ ಹಾಗೂ ಆರ್ಥಿಕ ಸ್ಥಿತಿಗತಿಗಳ ಮಾಹಿತಿ ಸಂಗ್ರಹಿಸಲಾಗುವುದು. ಇದಕ್ಕಾಗಿ ಅಗತ್ಯ ಸಿಬ್ಬಂದಿ ಮತ್ತು ಅನುದಾನ ಒದಗಿಸಲಾಗುವುದು ಎಂದು ಸಚಿವರು ತಿಳಿಸಿದರು.
ಆರ್ಥಿಕ ತಂತ್ರಜ್ಞಾನ ಬಳಕೆ: ಸಮೀಕ್ಷೆಯನ್ನು ಮೊಬೈಲ್ ಆ್ಯಪ್ ಮೂಲಕ ನಡೆಸಿ ದತ್ತಾಂಶವನ್ನು ಡಿಜಿಟಲ್ ರೂಪದಲ್ಲಿ ಸಂಗ್ರಹಿಸಲಾಗುವುದು.
